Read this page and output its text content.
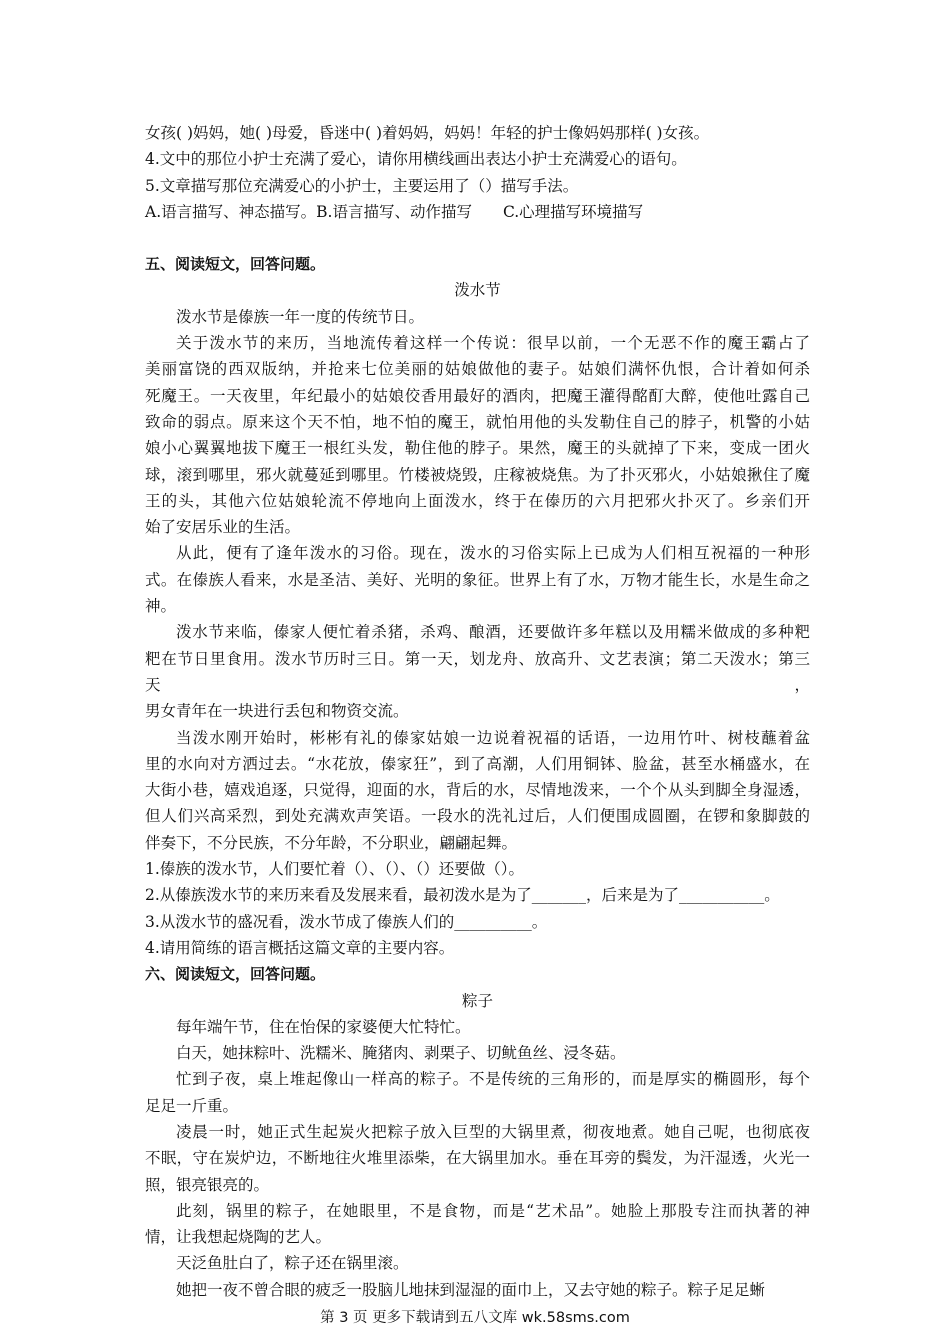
女孩( )妈妈，她( )母爱，昏迷中( )着妈妈，妈妈！年轻的护士像妈妈那样( )女孩。
4.文中的那位小护士充满了爱心，请你用横线画出表达小护士充满爱心的语句。
5.文章描写那位充满爱心的小护士，主要运用了（）描写手法。
A.语言描写、神态描写。B.语言描写、动作描写　　C.心理描写环境描写
五、阅读短文，回答问题。
泼水节
泼水节是傣族一年一度的传统节日。
关于泼水节的来历，当地流传着这样一个传说：很早以前，一个无恶不作的魔王霸占了
美丽富饶的西双版纳，并抢来七位美丽的姑娘做他的妻子。姑娘们满怀仇恨，合计着如何杀
死魔王。一天夜里，年纪最小的姑娘佼香用最好的酒肉，把魔王灌得酩酊大醉，使他吐露自己
致命的弱点。原来这个天不怕，地不怕的魔王，就怕用他的头发勒住自己的脖子，机警的小姑
娘小心翼翼地拔下魔王一根红头发，勒住他的脖子。果然，魔王的头就掉了下来，变成一团火
球，滚到哪里，邪火就蔓延到哪里。竹楼被烧毁，庄稼被烧焦。为了扑灭邪火，小姑娘揪住了魔
王的头，其他六位姑娘轮流不停地向上面泼水，终于在傣历的六月把邪火扑灭了。乡亲们开
始了安居乐业的生活。
从此，便有了逢年泼水的习俗。现在，泼水的习俗实际上已成为人们相互祝福的一种形
式。在傣族人看来，水是圣洁、美好、光明的象征。世界上有了水，万物才能生长，水是生命之
神。
泼水节来临，傣家人便忙着杀猪，杀鸡、酿酒，还要做许多年糕以及用糯米做成的多种粑
粑在节日里食用。泼水节历时三日。第一天，划龙舟、放高升、文艺表演；第二天泼水；第三天，
男女青年在一块进行丢包和物资交流。
当泼水刚开始时，彬彬有礼的傣家姑娘一边说着祝福的话语，一边用竹叶、树枝蘸着盆
里的水向对方洒过去。“水花放，傣家狂”，到了高潮，人们用铜钵、脸盆，甚至水桶盛水，在
大街小巷，嬉戏追逐，只觉得，迎面的水，背后的水，尽情地泼来，一个个从头到脚全身湿透，
但人们兴高采烈，到处充满欢声笑语。一段水的洗礼过后，人们便围成圆圈，在锣和象脚鼓的
伴奏下，不分民族，不分年龄，不分职业，翩翩起舞。
1.傣族的泼水节，人们要忙着（）、（）、（）还要做（）。
2.从傣族泼水节的来历来看及发展来看，最初泼水是为了_______，后来是为了___________。
3.从泼水节的盛况看，泼水节成了傣族人们的__________。
4.请用简练的语言概括这篇文章的主要内容。
六、阅读短文，回答问题。
粽子
每年端午节，住在怡保的家婆便大忙特忙。
白天，她抹粽叶、洗糯米、腌猪肉、剥栗子、切鱿鱼丝、浸冬菇。
忙到子夜，桌上堆起像山一样高的粽子。不是传统的三角形的，而是厚实的椭圆形，每个
足足一斤重。
凌晨一时，她正式生起炭火把粽子放入巨型的大锅里煮，彻夜地煮。她自己呢，也彻底夜
不眠，守在炭炉边，不断地往火堆里添柴，在大锅里加水。垂在耳旁的鬓发，为汗湿透，火光一
照，银亮银亮的。
此刻，锅里的粽子，在她眼里，不是食物，而是“艺术品”。她脸上那股专注而执著的神
情，让我想起烧陶的艺人。
天泛鱼肚白了，粽子还在锅里滚。
她把一夜不曾合眼的疲乏一股脑儿地抹到湿湿的面巾上，又去守她的粽子。粽子足足蜥
第 3 页 更多下载请到五八文库 wk.58sms.com
